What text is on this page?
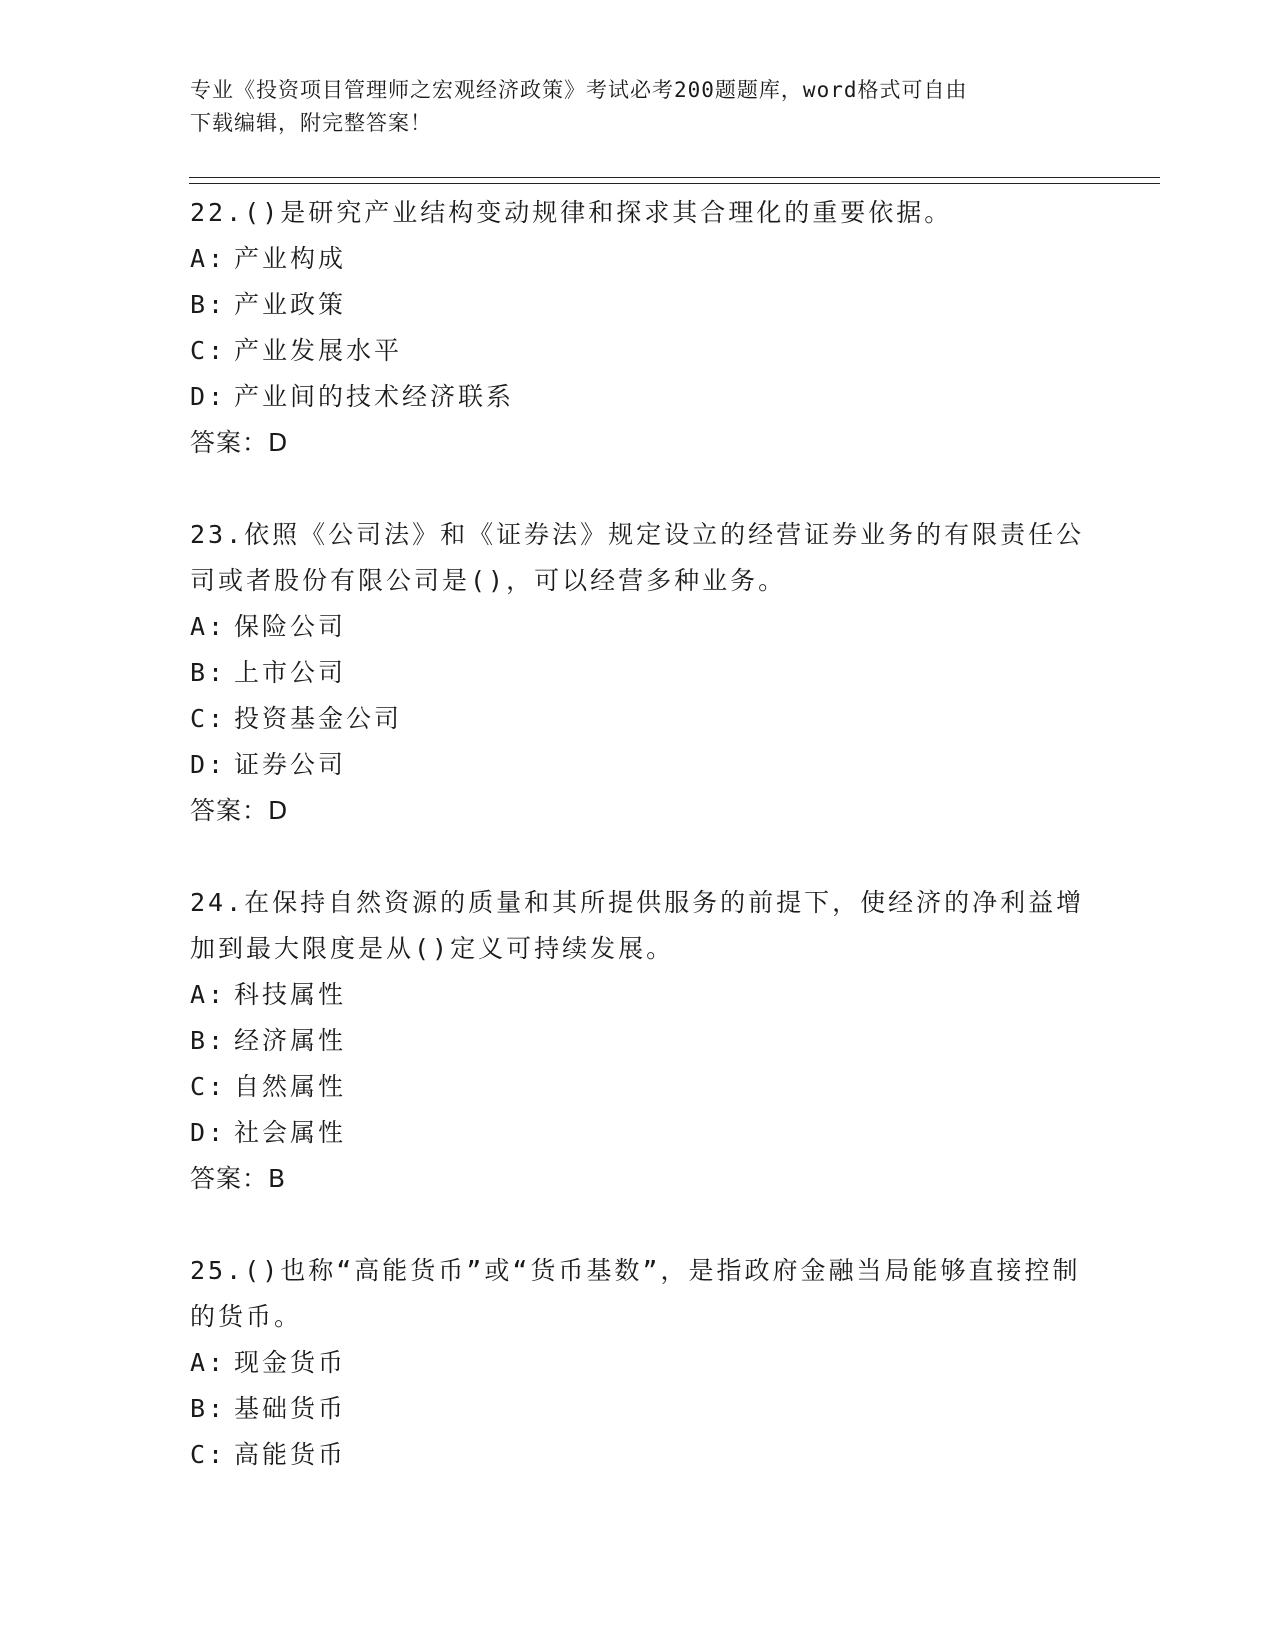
专业《投资项目管理师之宏观经济政策》考试必考200题题库，word格式可自由
下载编辑，附完整答案！
22.()是研究产业结构变动规律和探求其合理化的重要依据。
A: 产业构成
B: 产业政策
C: 产业发展水平
D: 产业间的技术经济联系
答案：D
23.依照《公司法》和《证券法》规定设立的经营证券业务的有限责任公司或者股份有限公司是()，可以经营多种业务。
A: 保险公司
B: 上市公司
C: 投资基金公司
D: 证券公司
答案：D
24.在保持自然资源的质量和其所提供服务的前提下，使经济的净利益增加到最大限度是从()定义可持续发展。
A: 科技属性
B: 经济属性
C: 自然属性
D: 社会属性
答案：B
25.()也称“高能货币”或“货币基数”，是指政府金融当局能够直接控制的货币。
A: 现金货币
B: 基础货币
C: 高能货币
